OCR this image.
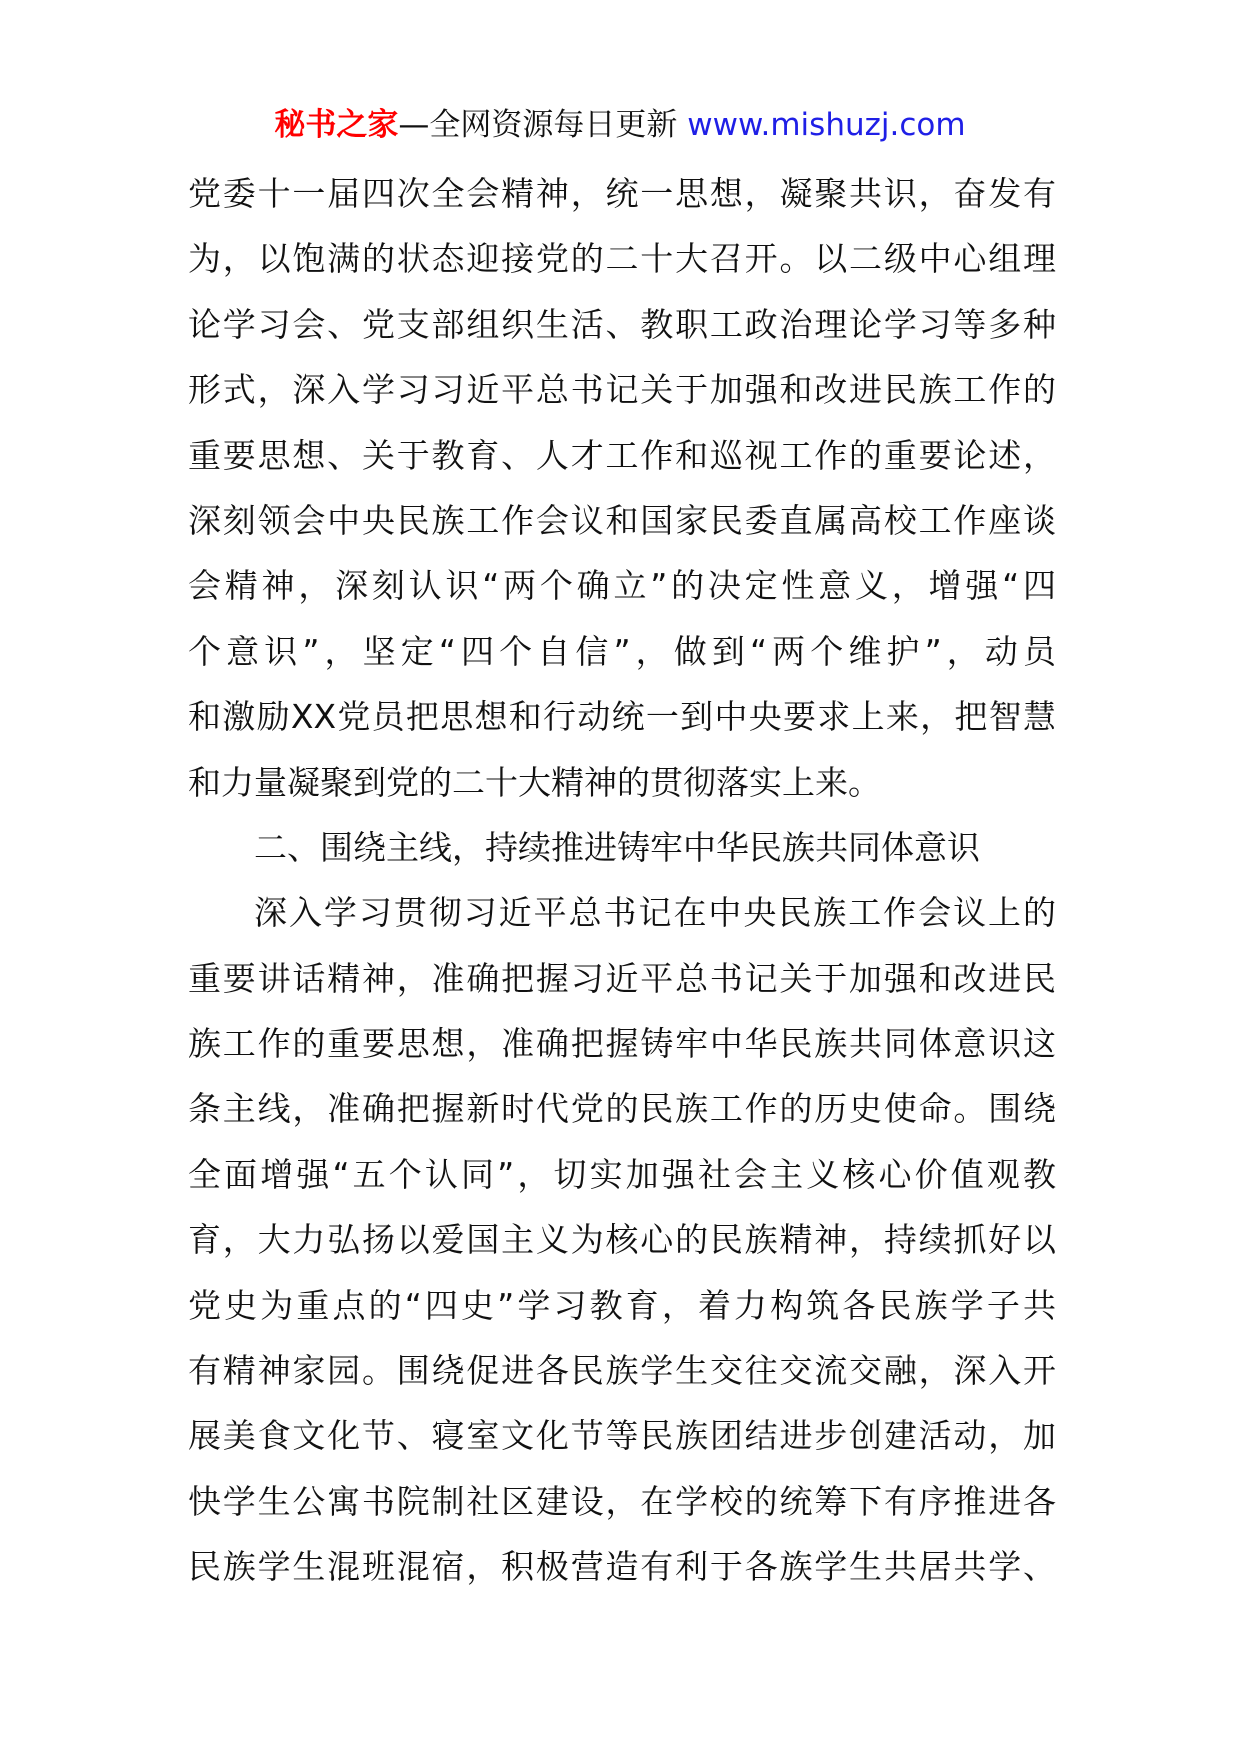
秘书之家—全网资源每日更新 www.mishuzj.com
党委十一届四次全会精神，统一思想，凝聚共识，奋发有
为，以饱满的状态迎接党的二十大召开。以二级中心组理
论学习会、党支部组织生活、教职工政治理论学习等多种
形式，深入学习习近平总书记关于加强和改进民族工作的
重要思想、关于教育、人才工作和巡视工作的重要论述，
深刻领会中央民族工作会议和国家民委直属高校工作座谈
会精神，深刻认识“两个确立”的决定性意义，增强“四
个意识”，坚定“四个自信”，做到“两个维护”，动员
和激励XX党员把思想和行动统一到中央要求上来，把智慧
和力量凝聚到党的二十大精神的贯彻落实上来。
二、围绕主线，持续推进铸牢中华民族共同体意识
深入学习贯彻习近平总书记在中央民族工作会议上的
重要讲话精神，准确把握习近平总书记关于加强和改进民
族工作的重要思想，准确把握铸牢中华民族共同体意识这
条主线，准确把握新时代党的民族工作的历史使命。围绕
全面增强“五个认同”，切实加强社会主义核心价值观教
育，大力弘扬以爱国主义为核心的民族精神，持续抓好以
党史为重点的“四史”学习教育，着力构筑各民族学子共
有精神家园。围绕促进各民族学生交往交流交融，深入开
展美食文化节、寝室文化节等民族团结进步创建活动，加
快学生公寓书院制社区建设，在学校的统筹下有序推进各
民族学生混班混宿，积极营造有利于各族学生共居共学、
